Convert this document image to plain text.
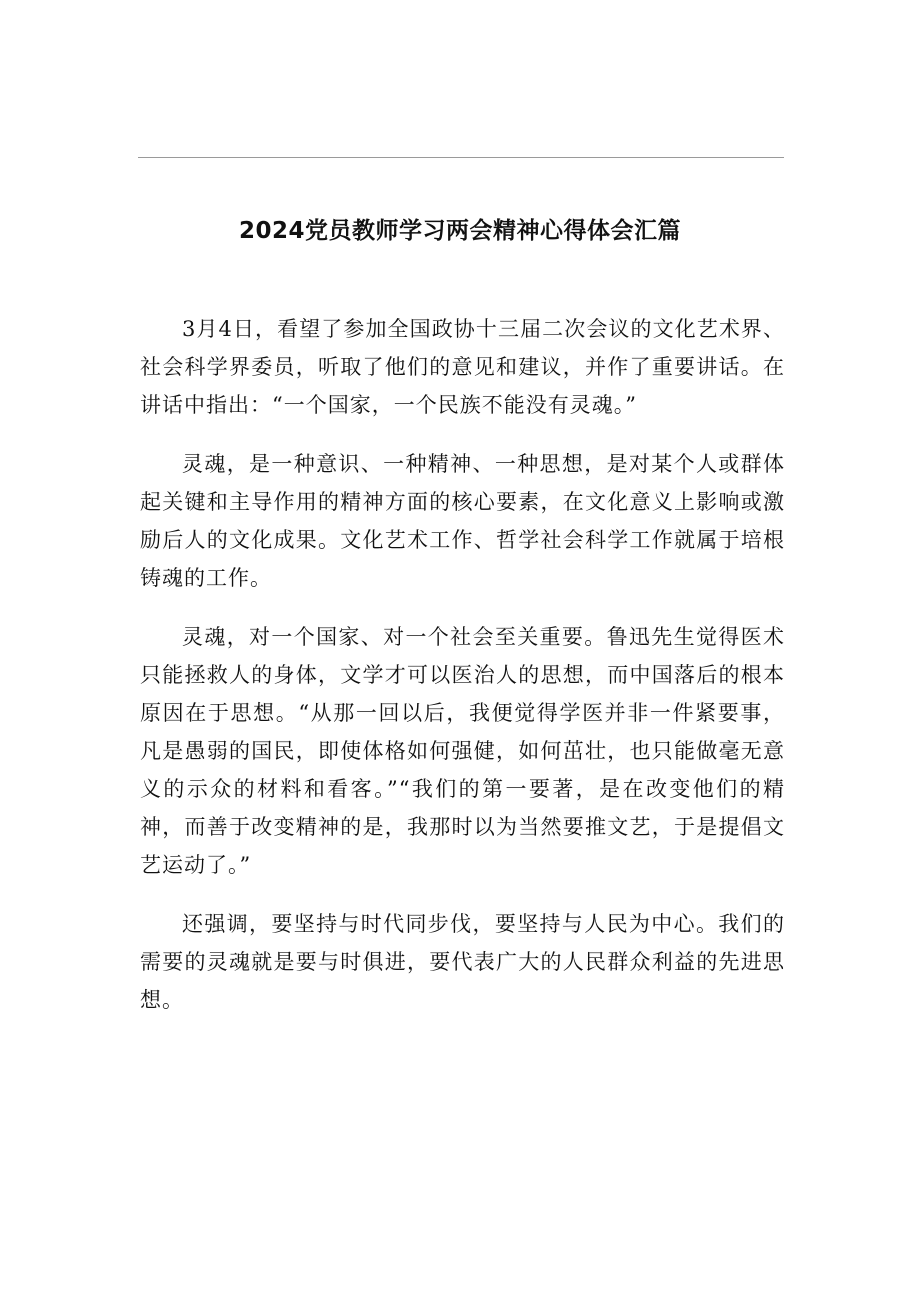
2024党员教师学习两会精神心得体会汇篇

3月4日，看望了参加全国政协十三届二次会议的文化艺术界、社会科学界委员，听取了他们的意见和建议，并作了重要讲话。在讲话中指出：“一个国家，一个民族不能没有灵魂。”

灵魂，是一种意识、一种精神、一种思想，是对某个人或群体起关键和主导作用的精神方面的核心要素，在文化意义上影响或激励后人的文化成果。文化艺术工作、哲学社会科学工作就属于培根铸魂的工作。

灵魂，对一个国家、对一个社会至关重要。鲁迅先生觉得医术只能拯救人的身体，文学才可以医治人的思想，而中国落后的根本原因在于思想。“从那一回以后，我便觉得学医并非一件紧要事，凡是愚弱的国民，即使体格如何强健，如何茁壮，也只能做毫无意义的示众的材料和看客。”“我们的第一要著，是在改变他们的精神，而善于改变精神的是，我那时以为当然要推文艺，于是提倡文艺运动了。”

还强调，要坚持与时代同步伐，要坚持与人民为中心。我们的需要的灵魂就是要与时俱进，要代表广大的人民群众利益的先进思想。
